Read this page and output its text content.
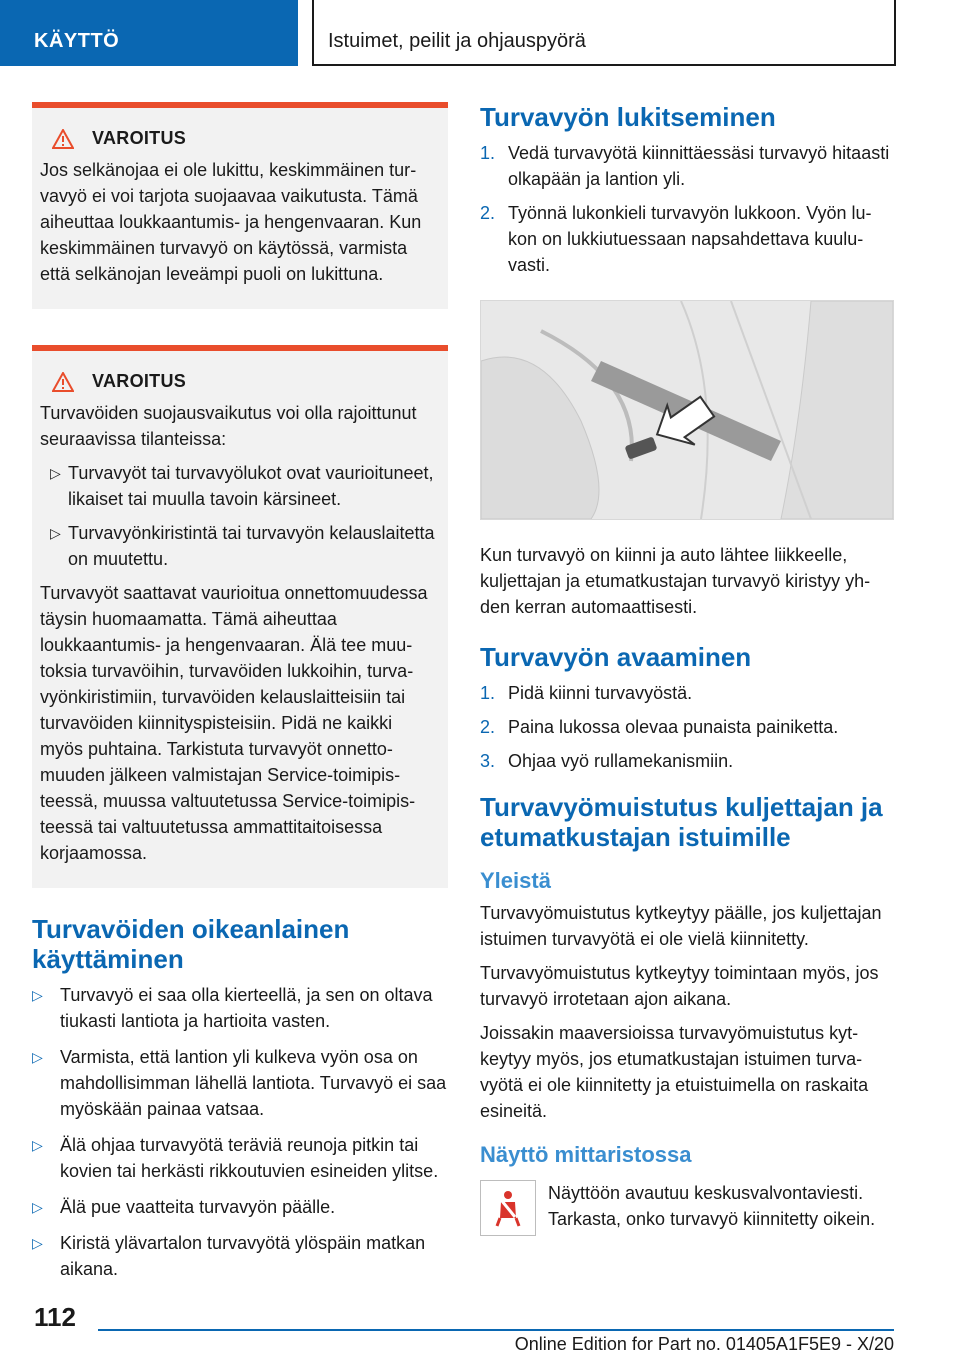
KÄYTTÖ	Istuimet, peilit ja ohjauspyörä
VAROITUS
Jos selkänojaa ei ole lukittu, keskimmäinen turvavyö ei voi tarjota suojaavaa vaikutusta. Tämä aiheuttaa loukkaantumis- ja hengenvaaran. Kun keskimmäinen turvavyö on käytössä, varmista että selkänojan leveämpi puoli on lukittuna.
VAROITUS
Turvavöiden suojausvaikutus voi olla rajoittunut seuraavissa tilanteissa:
▷ Turvavyöt tai turvavyölukot ovat vaurioituneet, likaiset tai muulla tavoin kärsineet.
▷ Turvavyönkiristintä tai turvavyön kelauslaitetta on muutettu.
Turvavyöt saattavat vaurioitua onnettomuudessa täysin huomaamatta. Tämä aiheuttaa loukkaantumis- ja hengenvaaran. Älä tee muutoksia turvavöihin, turvavöiden lukkoihin, turvavyönkiristimiin, turvavöiden kelauslaitteisiin tai turvavöiden kiinnityspisteisiin. Pidä ne kaikki myös puhtaina. Tarkistuta turvavyöt onnettomuuden jälkeen valmistajan Service-toimipisteessä, muussa valtuutetussa Service-toimipisteessä tai valtuutetussa ammattitaitoisessa korjaamossa.
Turvavöiden oikeanlainen käyttäminen
▷ Turvavyö ei saa olla kierteellä, ja sen on oltava tiukasti lantiota ja hartioita vasten.
▷ Varmista, että lantion yli kulkeva vyön osa on mahdollisimman lähellä lantiota. Turvavyö ei saa myöskään painaa vatsaa.
▷ Älä ohjaa turvavyötä teräviä reunoja pitkin tai kovien tai herkästi rikkoutuvien esineiden ylitse.
▷ Älä pue vaatteita turvavyön päälle.
▷ Kiristä ylävartalon turvavyötä ylöspäin matkan aikana.
Turvavyön lukitseminen
1. Vedä turvavyötä kiinnittäessäsi turvavyö hitaasti olkapään ja lantion yli.
2. Työnnä lukonkieli turvavyön lukkoon. Vyön lukon on lukkiutuessaan napsahdettava kuuluvasti.
Kun turvavyö on kiinni ja auto lähtee liikkeelle, kuljettajan ja etumatkustajan turvavyö kiristyy yhden kerran automaattisesti.
Turvavyön avaaminen
1. Pidä kiinni turvavyöstä.
2. Paina lukossa olevaa punaista painiketta.
3. Ohjaa vyö rullamekanismiin.
Turvavyömuistutus kuljettajan ja etumatkustajan istuimille
Yleistä
Turvavyömuistutus kytkeytyy päälle, jos kuljettajan istuimen turvavyötä ei ole vielä kiinnitetty.
Turvavyömuistutus kytkeytyy toimintaan myös, jos turvavyö irrotetaan ajon aikana.
Joissakin maaversioissa turvavyömuistutus kytkeytyy myös, jos etumatkustajan istuimen turvavyötä ei ole kiinnitetty ja etuistuimella on raskaita esineitä.
Näyttö mittaristossa
Näyttöön avautuu keskusvalvontaviesti. Tarkasta, onko turvavyö kiinnitetty oikein.
112
Online Edition for Part no. 01405A1F5E9 - X/20
